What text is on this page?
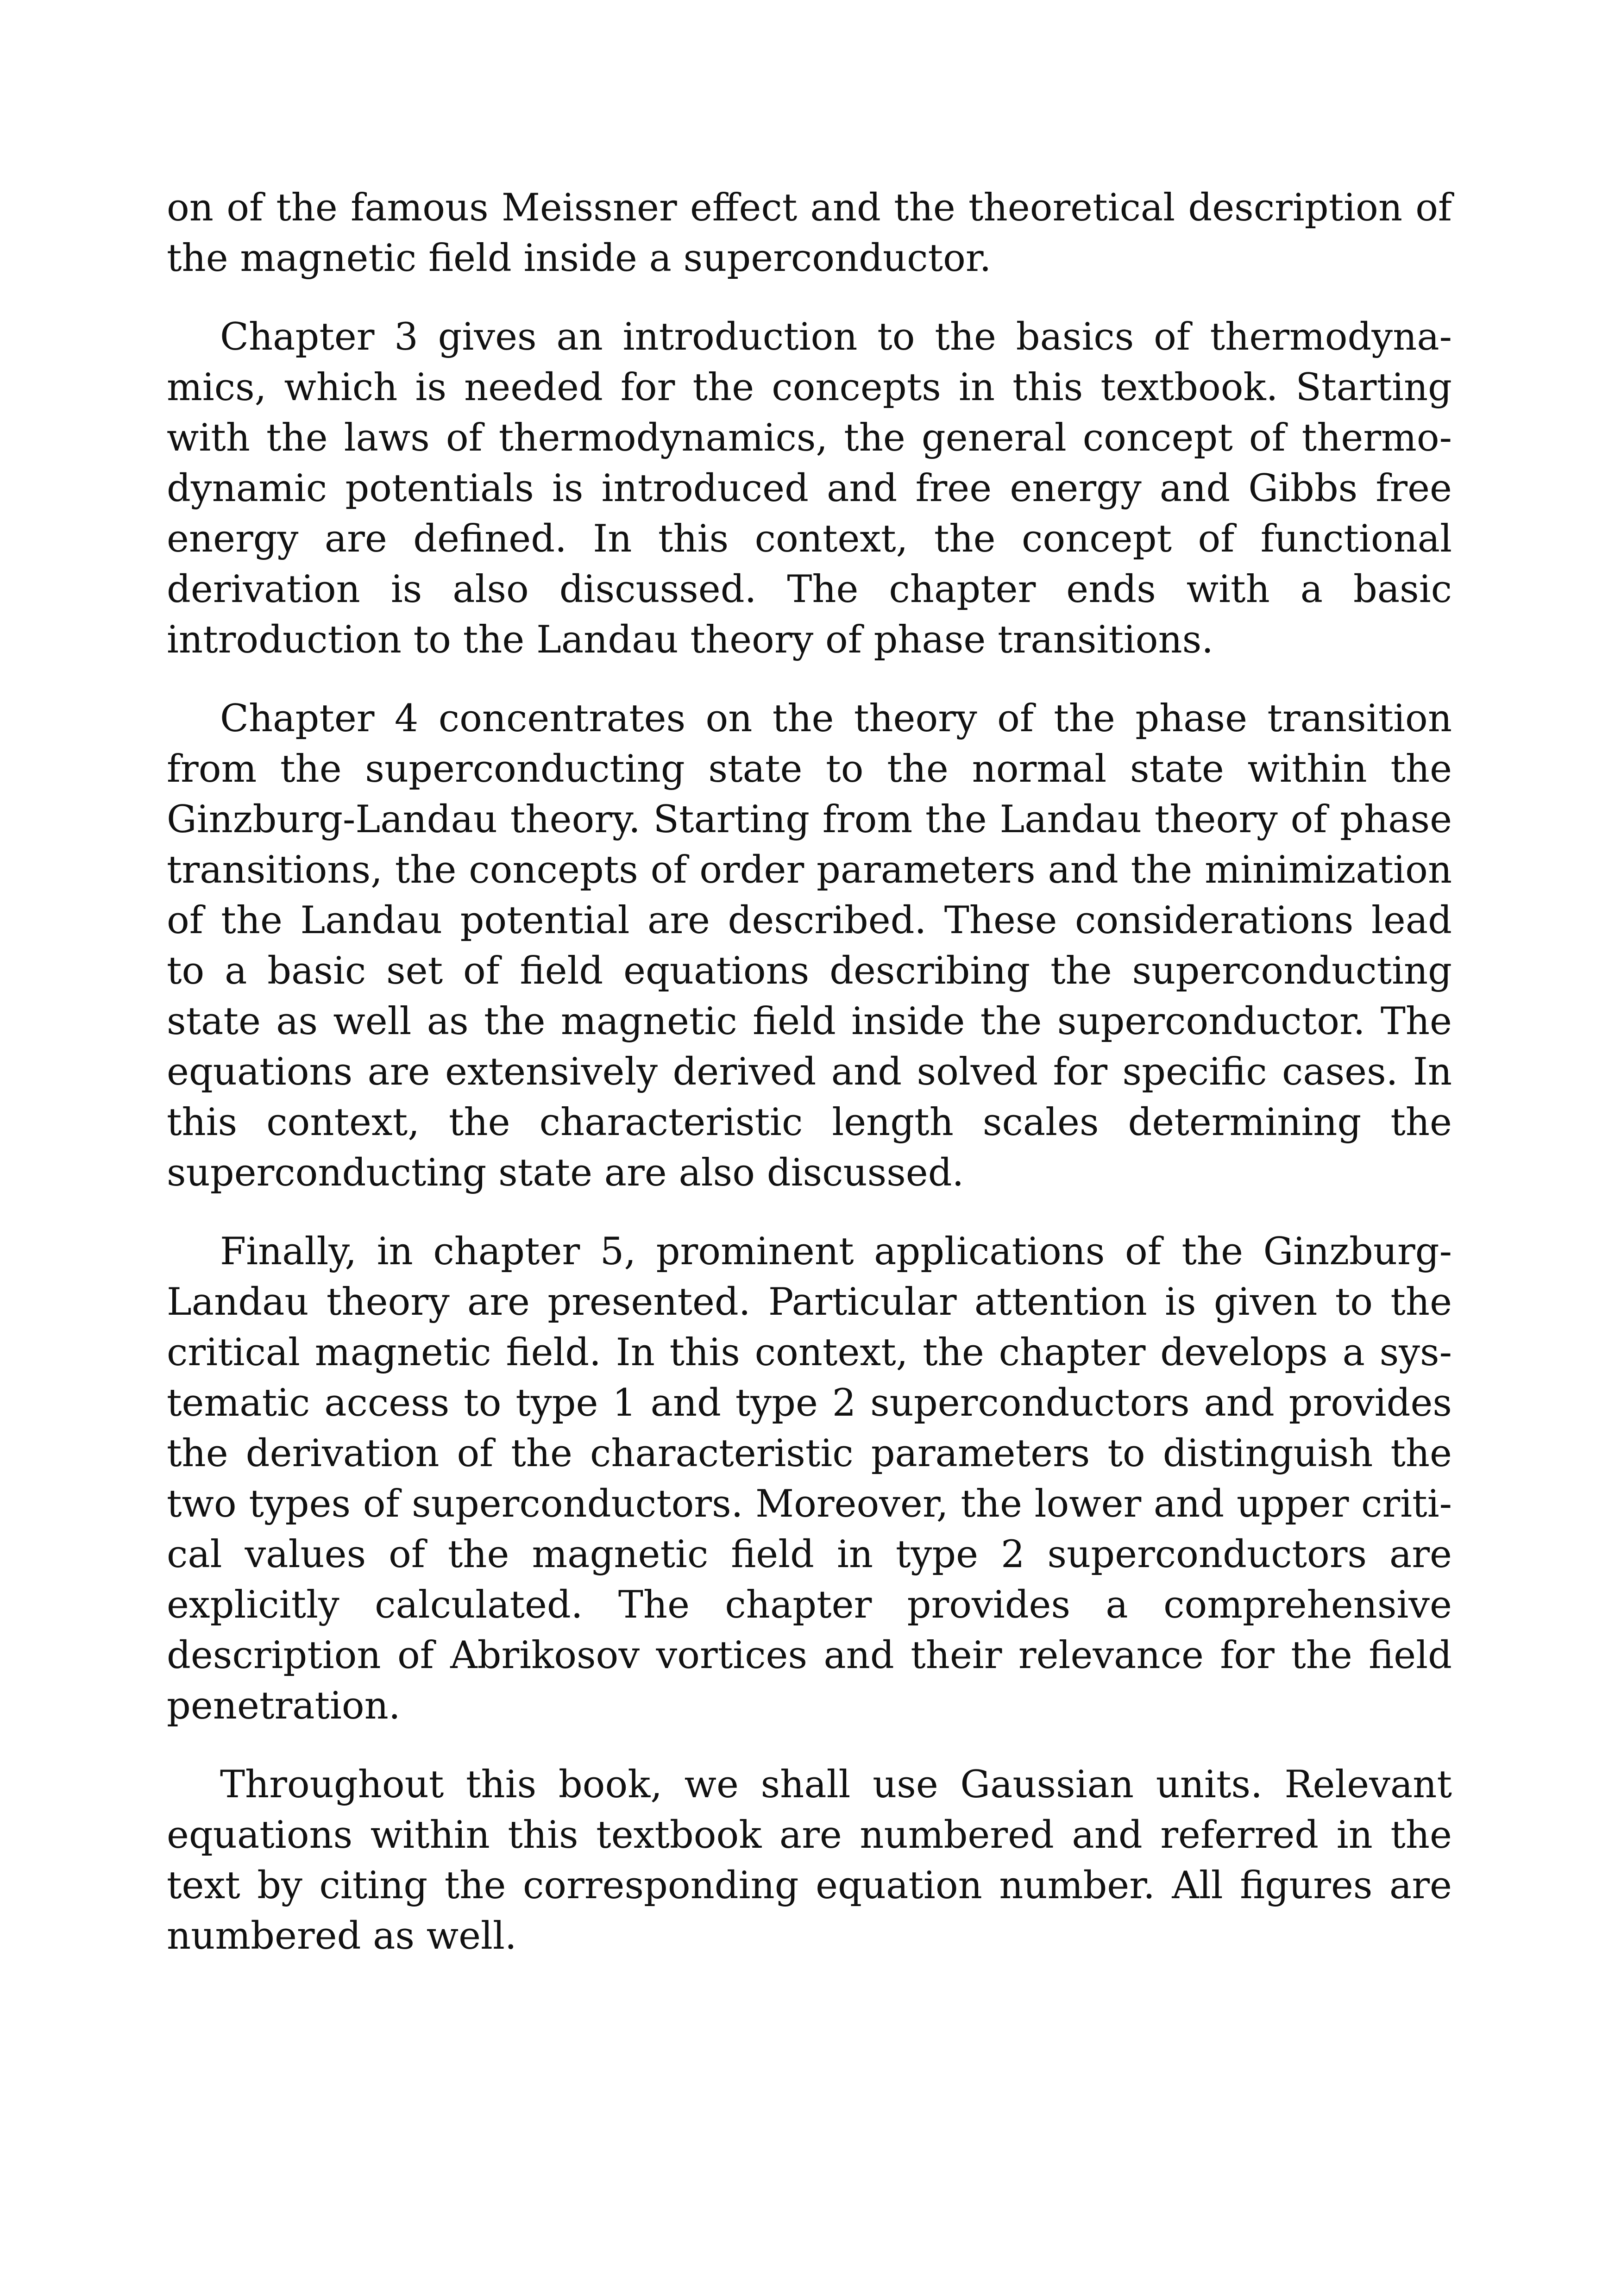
on of the famous Meissner effect and the theoretical description of the magnetic field inside a superconductor.

Chapter 3 gives an introduction to the basics of thermodynamics, which is needed for the concepts in this textbook. Starting with the laws of thermodynamics, the general concept of thermodynamic potentials is introduced and free energy and Gibbs free energy are defined. In this context, the concept of functional derivation is also discussed. The chapter ends with a basic introduction to the Landau theory of phase transitions.

Chapter 4 concentrates on the theory of the phase transition from the superconducting state to the normal state within the Ginzburg-Landau theory. Starting from the Landau theory of phase transitions, the concepts of order parameters and the minimization of the Landau potential are described. These considerations lead to a basic set of field equations describing the superconducting state as well as the magnetic field inside the superconductor. The equations are extensively derived and solved for specific cases. In this context, the characteristic length scales determining the superconducting state are also discussed.

Finally, in chapter 5, prominent applications of the Ginzburg-Landau theory are presented. Particular attention is given to the critical magnetic field. In this context, the chapter develops a systematic access to type 1 and type 2 superconductors and provides the derivation of the characteristic parameters to distinguish the two types of superconductors. Moreover, the lower and upper critical values of the magnetic field in type 2 superconductors are explicitly calculated. The chapter provides a comprehensive description of Abrikosov vortices and their relevance for the field penetration.

Throughout this book, we shall use Gaussian units. Relevant equations within this textbook are numbered and referred in the text by citing the corresponding equation number. All figures are numbered as well.
